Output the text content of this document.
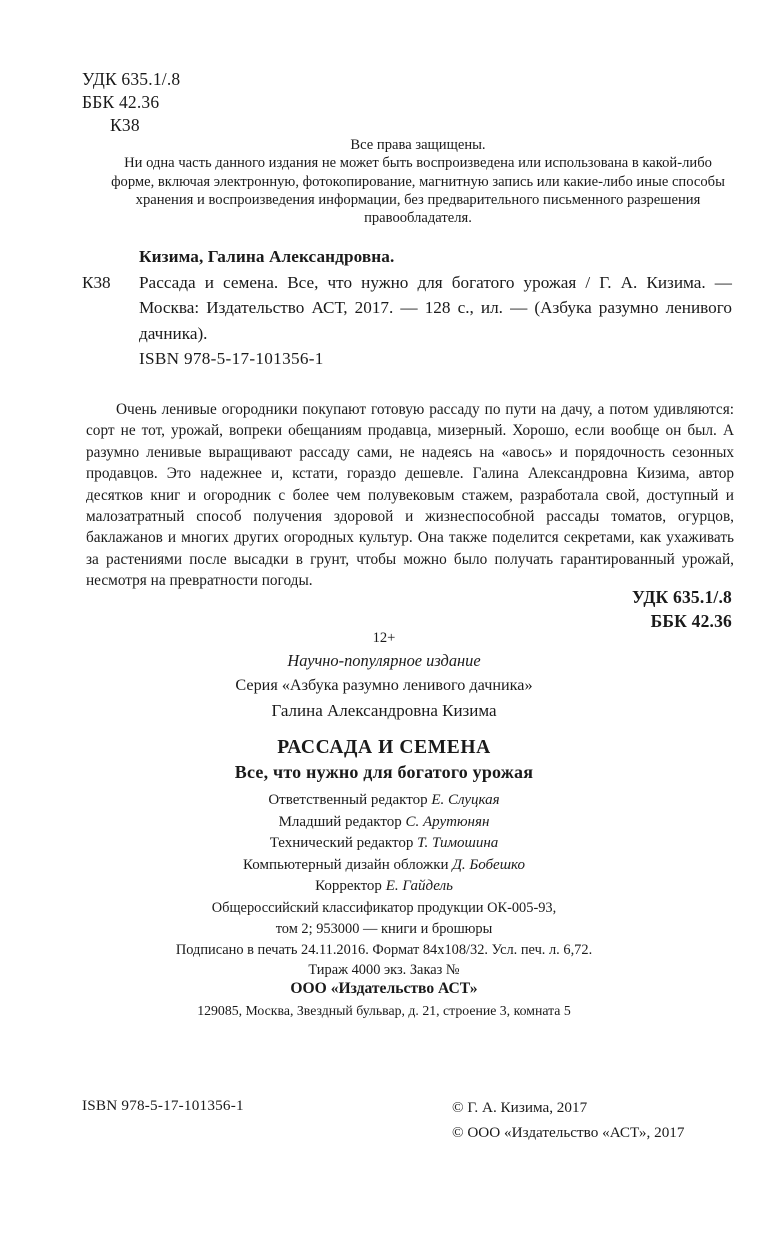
УДК 635.1/.8
ББК 42.36
К38
Все права защищены.
Ни одна часть данного издания не может быть воспроизведена или использована в какой-либо форме, включая электронную, фотокопирование, магнитную запись или какие-либо иные способы хранения и воспроизведения информации, без предварительного письменного разрешения правообладателя.
Кизима, Галина Александровна.
К38 Рассада и семена. Все, что нужно для богатого урожая / Г. А. Кизима. — Москва: Издательство АСТ, 2017. — 128 с., ил. — (Азбука разумно ленивого дачника).
ISBN 978-5-17-101356-1
Очень ленивые огородники покупают готовую рассаду по пути на дачу, а потом удивляются: сорт не тот, урожай, вопреки обещаниям продавца, мизерный. Хорошо, если вообще он был. А разумно ленивые выращивают рассаду сами, не надеясь на «авось» и порядочность сезонных продавцов. Это надежнее и, кстати, гораздо дешевле. Галина Александровна Кизима, автор десятков книг и огородник с более чем полувековым стажем, разработала свой, доступный и малозатратный способ получения здоровой и жизнеспособной рассады томатов, огурцов, баклажанов и многих других огородных культур. Она также поделится секретами, как ухаживать за растениями после высадки в грунт, чтобы можно было получать гарантированный урожай, несмотря на превратности погоды.
УДК 635.1/.8
ББК 42.36
12+
Научно-популярное издание
Серия «Азбука разумно ленивого дачника»
Галина Александровна Кизима
РАССАДА И СЕМЕНА
Все, что нужно для богатого урожая
Ответственный редактор Е. Слуцкая
Младший редактор С. Арутюнян
Технический редактор Т. Тимошина
Компьютерный дизайн обложки Д. Бобешко
Корректор Е. Гайдель
Общероссийский классификатор продукции ОК-005-93,
том 2; 953000 — книги и брошюры
Подписано в печать 24.11.2016. Формат 84х108/32. Усл. печ. л. 6,72.
Тираж 4000 экз. Заказ №
ООО «Издательство АСТ»
129085, Москва, Звездный бульвар, д. 21, строение 3, комната 5
ISBN 978-5-17-101356-1	© Г. А. Кизима, 2017
© ООО «Издательство «АСТ», 2017
